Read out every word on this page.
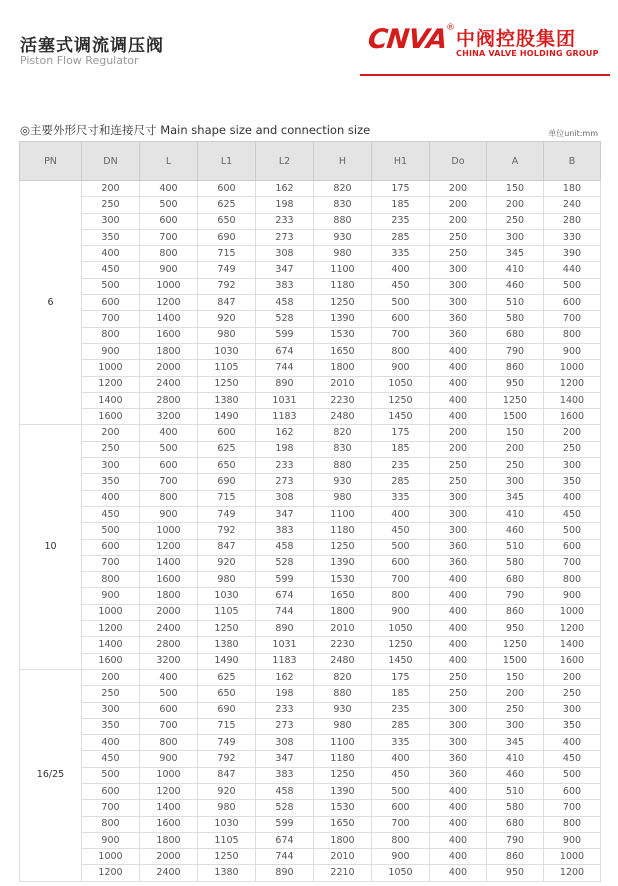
活塞式调流调压阀
Piston Flow Regulator
CNVA
® 中阀控股集团
CHINA VALVE HOLDING GROUP
◎主要外形尺寸和连接尺寸 Main shape size and connection size	单位unit:mm
PN	DN	L	L1	L2	H	H1	Do	A	B
6	200	400	600	162	820	175	200	150	180
	250	500	625	198	830	185	200	200	240
	300	600	650	233	880	235	200	250	280
	350	700	690	273	930	285	250	300	330
	400	800	715	308	980	335	250	345	390
	450	900	749	347	1100	400	300	410	440
	500	1000	792	383	1180	450	300	460	500
	600	1200	847	458	1250	500	300	510	600
	700	1400	920	528	1390	600	360	580	700
	800	1600	980	599	1530	700	360	680	800
	900	1800	1030	674	1650	800	400	790	900
	1000	2000	1105	744	1800	900	400	860	1000
	1200	2400	1250	890	2010	1050	400	950	1200
	1400	2800	1380	1031	2230	1250	400	1250	1400
	1600	3200	1490	1183	2480	1450	400	1500	1600
10	200	400	600	162	820	175	200	150	200
	250	500	625	198	830	185	200	200	250
	300	600	650	233	880	235	250	250	300
	350	700	690	273	930	285	250	300	350
	400	800	715	308	980	335	300	345	400
	450	900	749	347	1100	400	300	410	450
	500	1000	792	383	1180	450	300	460	500
	600	1200	847	458	1250	500	360	510	600
	700	1400	920	528	1390	600	360	580	700
	800	1600	980	599	1530	700	400	680	800
	900	1800	1030	674	1650	800	400	790	900
	1000	2000	1105	744	1800	900	400	860	1000
	1200	2400	1250	890	2010	1050	400	950	1200
	1400	2800	1380	1031	2230	1250	400	1250	1400
	1600	3200	1490	1183	2480	1450	400	1500	1600
16/25	200	400	625	162	820	175	250	150	200
	250	500	650	198	880	185	250	200	250
	300	600	690	233	930	235	300	250	300
	350	700	715	273	980	285	300	300	350
	400	800	749	308	1100	335	300	345	400
	450	900	792	347	1180	400	360	410	450
	500	1000	847	383	1250	450	360	460	500
	600	1200	920	458	1390	500	400	510	600
	700	1400	980	528	1530	600	400	580	700
	800	1600	1030	599	1650	700	400	680	800
	900	1800	1105	674	1800	800	400	790	900
	1000	2000	1250	744	2010	900	400	860	1000
	1200	2400	1380	890	2210	1050	400	950	1200
